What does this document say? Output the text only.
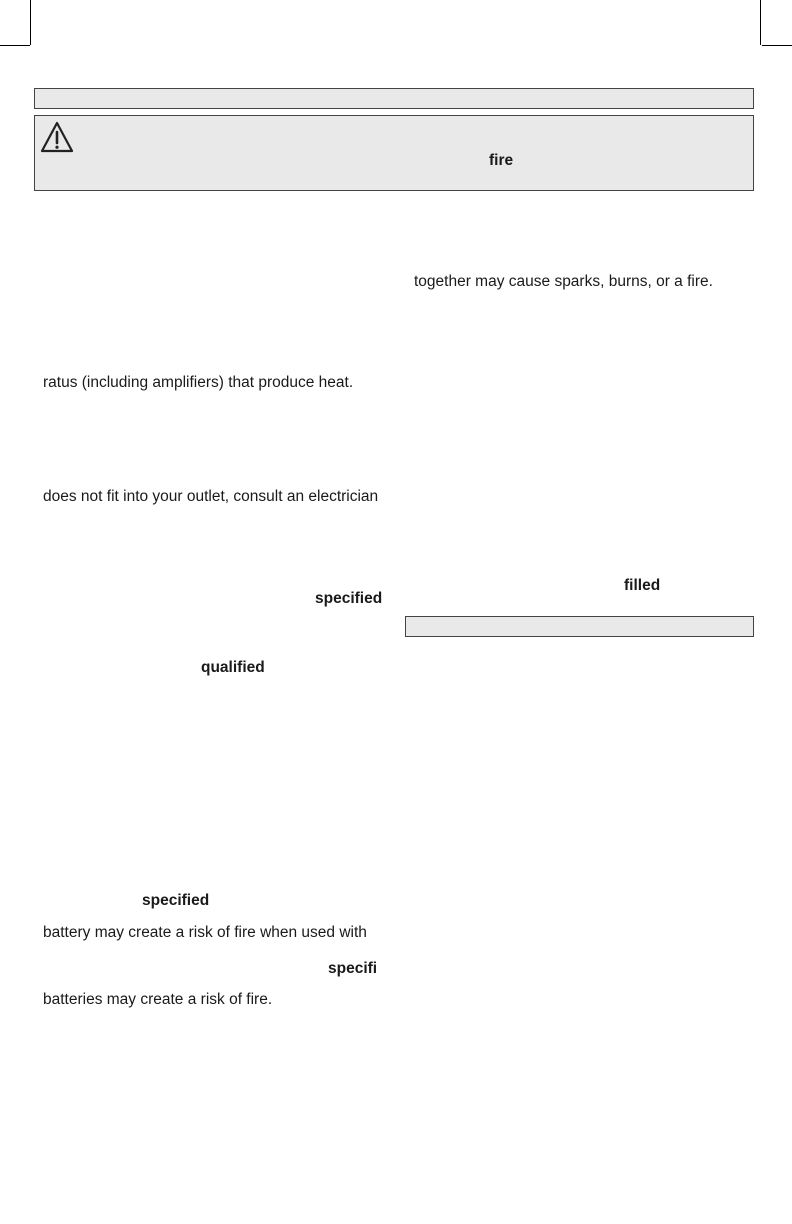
fire
ratus (including amplifiers) that produce heat.
does not fit into your outlet, consult an electrician
specified
qualified
specified
battery may create a risk of fire when used with
specifi
batteries may create a risk of fire.
together may cause sparks, burns, or a fire.
filled
